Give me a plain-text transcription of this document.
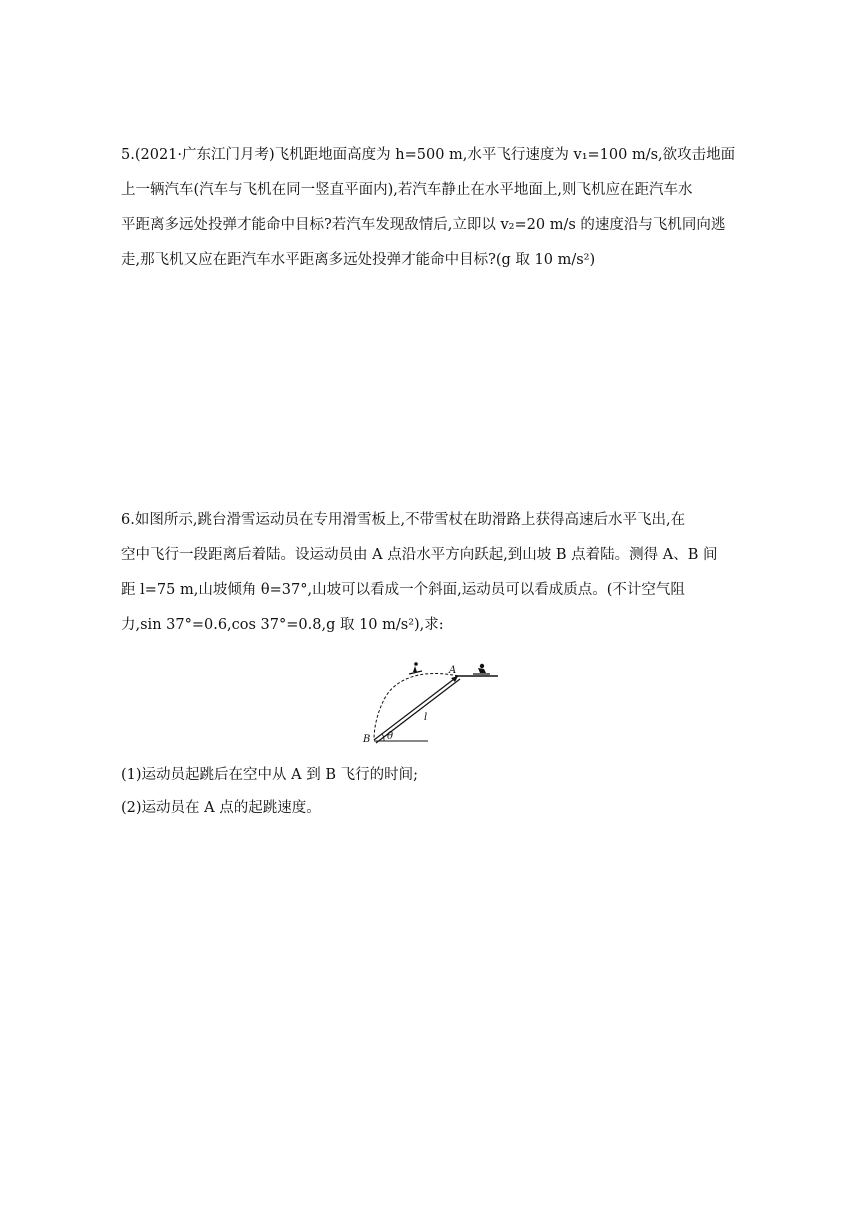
5.(2021·广东江门月考)飞机距地面高度为 h=500 m,水平飞行速度为 v₁=100 m/s,欲攻击地面
上一辆汽车(汽车与飞机在同一竖直平面内),若汽车静止在水平地面上,则飞机应在距汽车水
平距离多远处投弹才能命中目标?若汽车发现敌情后,立即以 v₂=20 m/s 的速度沿与飞机同向逃
走,那飞机又应在距汽车水平距离多远处投弹才能命中目标?(g 取 10 m/s²)
6.如图所示,跳台滑雪运动员在专用滑雪板上,不带雪杖在助滑路上获得高速后水平飞出,在
空中飞行一段距离后着陆。设运动员由 A 点沿水平方向跃起,到山坡 B 点着陆。测得 A、B 间
距 l=75 m,山坡倾角 θ=37°,山坡可以看成一个斜面,运动员可以看成质点。(不计空气阻
力,sin 37°=0.6,cos 37°=0.8,g 取 10 m/s²),求:
A
B
l
θ
(1)运动员起跳后在空中从 A 到 B 飞行的时间;
(2)运动员在 A 点的起跳速度。
